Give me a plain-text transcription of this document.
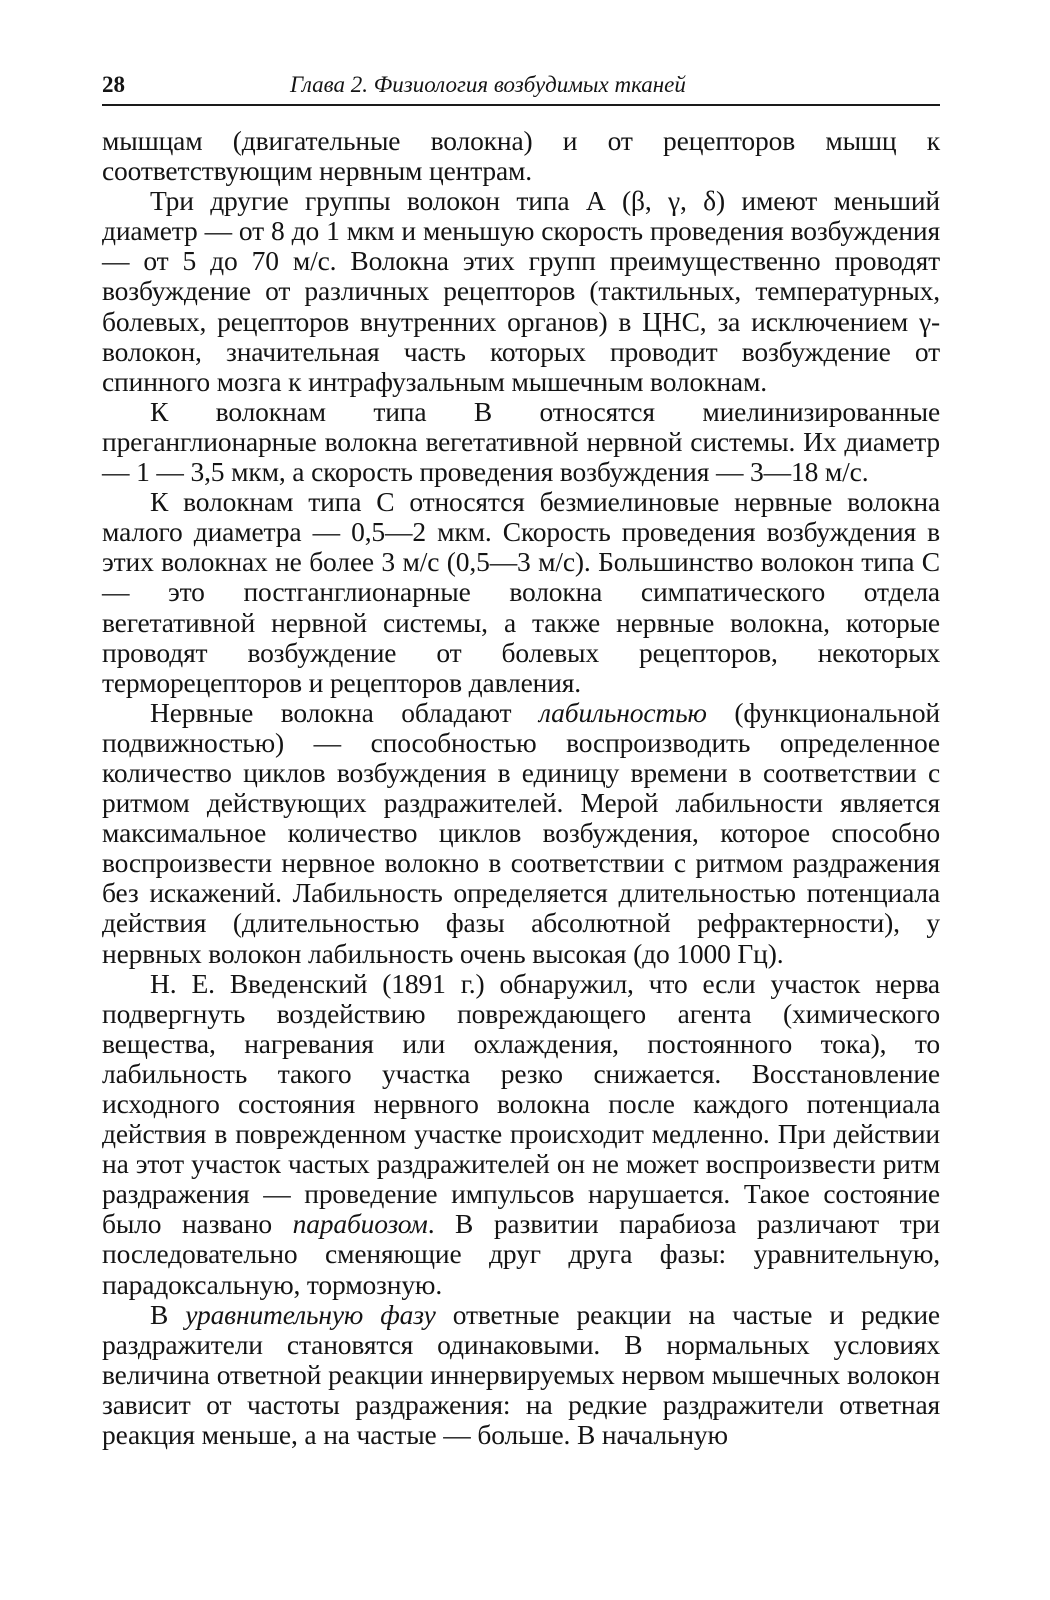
28	Глава 2. Физиология возбудимых тканей

мышцам (двигательные волокна) и от рецепторов мышц к соответствующим нервным центрам.

Три другие группы волокон типа А (β, γ, δ) имеют меньший диаметр — от 8 до 1 мкм и меньшую скорость проведения возбуждения — от 5 до 70 м/с. Волокна этих групп преимущественно проводят возбуждение от различных рецепторов (тактильных, температурных, болевых, рецепторов внутренних органов) в ЦНС, за исключением γ-волокон, значительная часть которых проводит возбуждение от спинного мозга к интрафузальным мышечным волокнам.

К волокнам типа В относятся миелинизированные преганглионарные волокна вегетативной нервной системы. Их диаметр — 1 — 3,5 мкм, а скорость проведения возбуждения — 3—18 м/с.

К волокнам типа С относятся безмиелиновые нервные волокна малого диаметра — 0,5—2 мкм. Скорость проведения возбуждения в этих волокнах не более 3 м/с (0,5—3 м/с). Большинство волокон типа С — это постганглионарные волокна симпатического отдела вегетативной нервной системы, а также нервные волокна, которые проводят возбуждение от болевых рецепторов, некоторых терморецепторов и рецепторов давления.

Нервные волокна обладают лабильностью (функциональной подвижностью) — способностью воспроизводить определенное количество циклов возбуждения в единицу времени в соответствии с ритмом действующих раздражителей. Мерой лабильности является максимальное количество циклов возбуждения, которое способно воспроизвести нервное волокно в соответствии с ритмом раздражения без искажений. Лабильность определяется длительностью потенциала действия (длительностью фазы абсолютной рефрактерности), у нервных волокон лабильность очень высокая (до 1000 Гц).

Н. Е. Введенский (1891 г.) обнаружил, что если участок нерва подвергнуть воздействию повреждающего агента (химического вещества, нагревания или охлаждения, постоянного тока), то лабильность такого участка резко снижается. Восстановление исходного состояния нервного волокна после каждого потенциала действия в поврежденном участке происходит медленно. При действии на этот участок частых раздражителей он не может воспроизвести ритм раздражения — проведение импульсов нарушается. Такое состояние было названо парабиозом. В развитии парабиоза различают три последовательно сменяющие друг друга фазы: уравнительную, парадоксальную, тормозную.

В уравнительную фазу ответные реакции на частые и редкие раздражители становятся одинаковыми. В нормальных условиях величина ответной реакции иннервируемых нервом мышечных волокон зависит от частоты раздражения: на редкие раздражители ответная реакция меньше, а на частые — больше. В начальную
